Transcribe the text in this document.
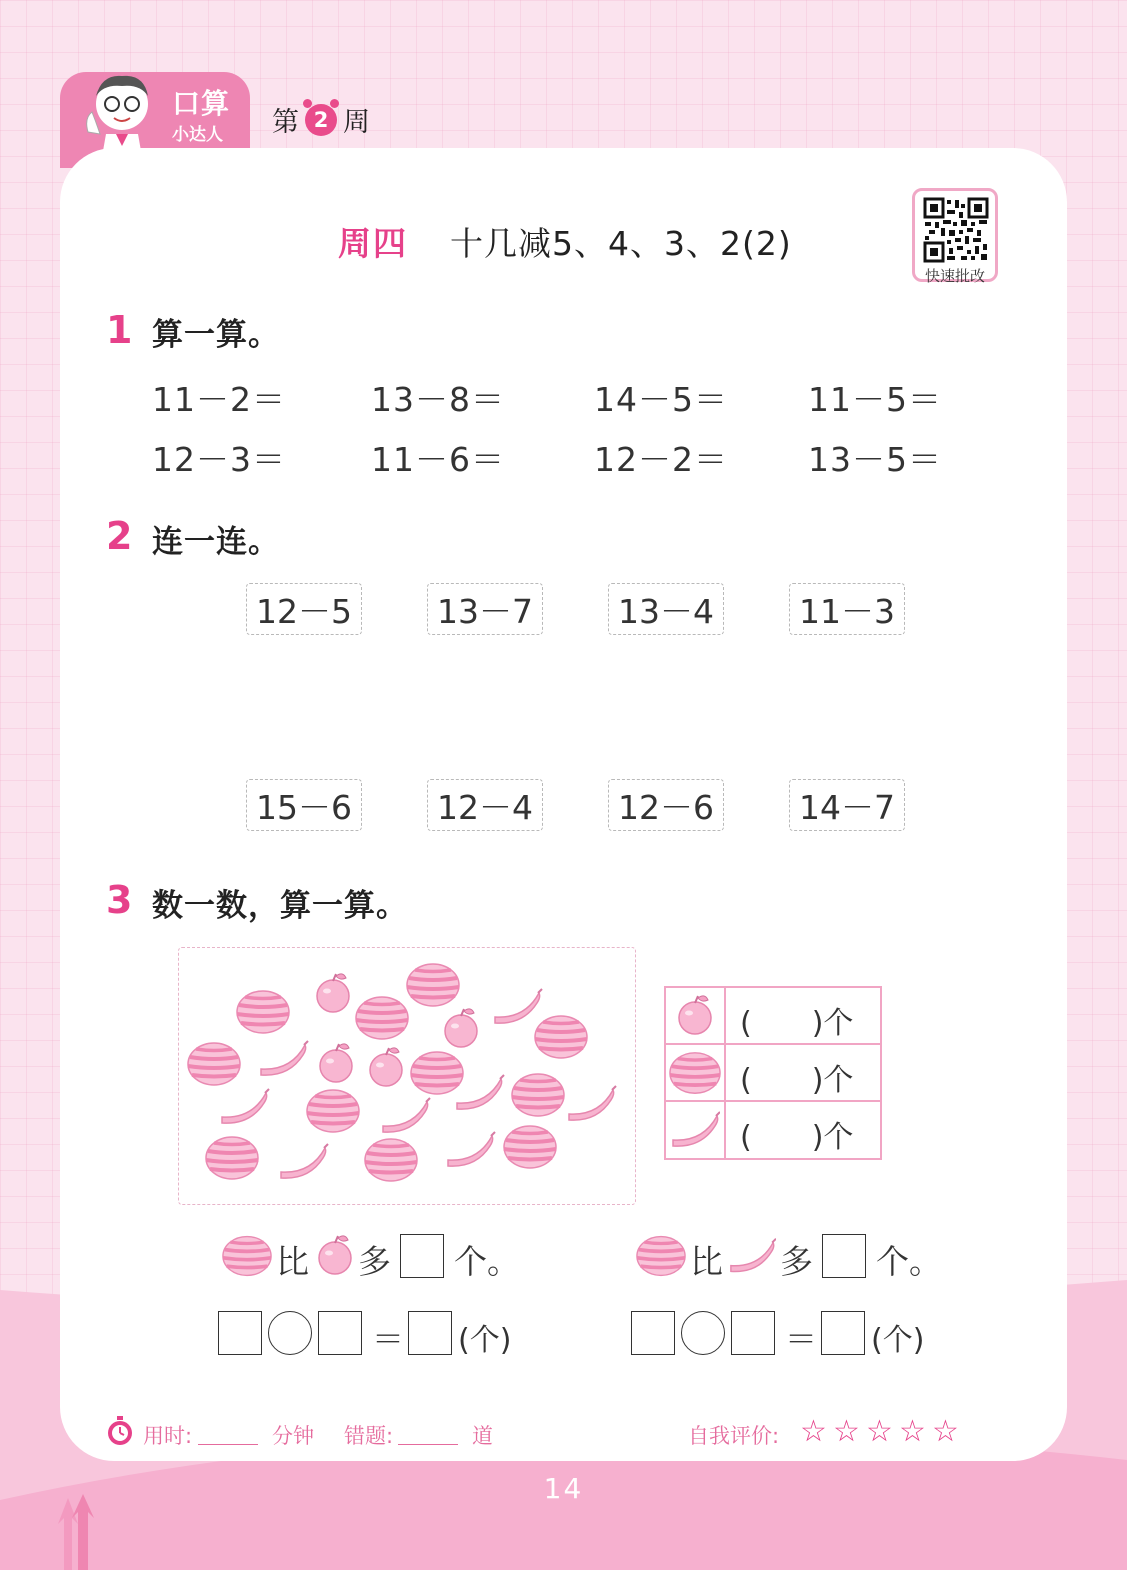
口算
小达人 第 2 周
周四 十几减5、4、3、2(2)
快速批改
1 算一算。
11－2＝	13－8＝	14－5＝ 11－5＝
12－3＝	11－6＝	12－2＝ 13－5＝
2 连一连。
12－5	13－7	13－4	11－3
15－6	12－4	12－6	14－7
3 数一数，算一算。
(　　)个
(　　)个
(　　)个
比 多 个。	比 多 个。
＝ (个)	＝ (个)
用时:	分钟 错题:	道	自我评价: ☆ ☆ ☆ ☆ ☆
14
